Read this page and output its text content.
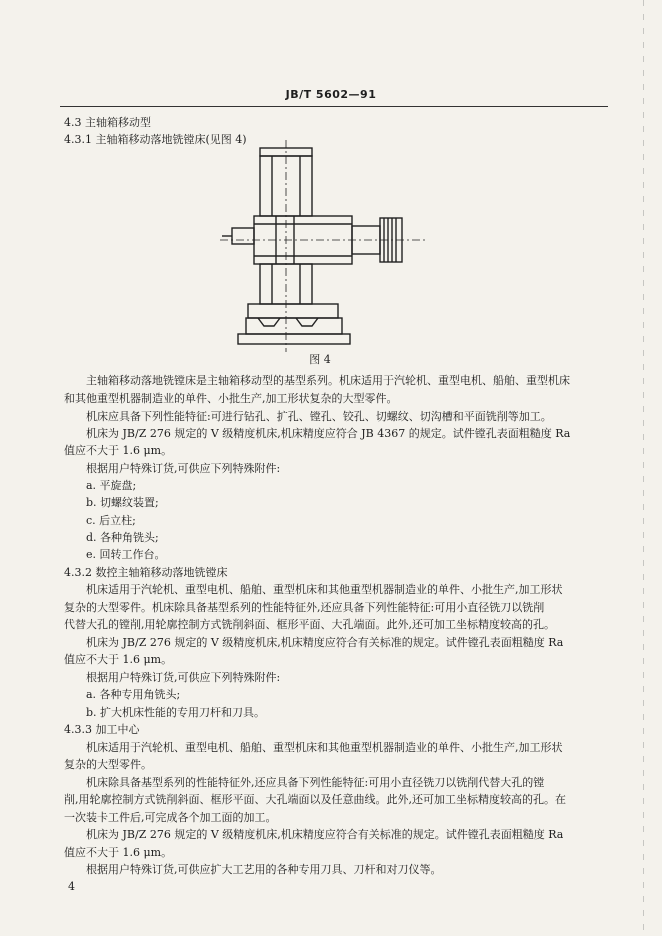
JB/T 5602—91
4.3 主轴箱移动型
4.3.1 主轴箱移动落地铣镗床(见图 4)
图 4
主轴箱移动落地铣镗床是主轴箱移动型的基型系列。机床适用于汽轮机、重型电机、船舶、重型机床
和其他重型机器制造业的单件、小批生产,加工形状复杂的大型零件。
机床应具备下列性能特征:可进行钻孔、扩孔、镗孔、铰孔、切螺纹、切沟槽和平面铣削等加工。
机床为 JB/Z 276 规定的 V 级精度机床,机床精度应符合 JB 4367 的规定。试件镗孔表面粗糙度 Ra
值应不大于 1.6 μm。
根据用户特殊订货,可供应下列特殊附件:
a. 平旋盘;
b. 切螺纹装置;
c. 后立柱;
d. 各种角铣头;
e. 回转工作台。
4.3.2 数控主轴箱移动落地铣镗床
机床适用于汽轮机、重型电机、船舶、重型机床和其他重型机器制造业的单件、小批生产,加工形状
复杂的大型零件。机床除具备基型系列的性能特征外,还应具备下列性能特征:可用小直径铣刀以铣削
代替大孔的镗削,用轮廓控制方式铣削斜面、框形平面、大孔端面。此外,还可加工坐标精度较高的孔。
机床为 JB/Z 276 规定的 V 级精度机床,机床精度应符合有关标准的规定。试件镗孔表面粗糙度 Ra
值应不大于 1.6 μm。
根据用户特殊订货,可供应下列特殊附件:
a. 各种专用角铣头;
b. 扩大机床性能的专用刀杆和刀具。
4.3.3 加工中心
机床适用于汽轮机、重型电机、船舶、重型机床和其他重型机器制造业的单件、小批生产,加工形状
复杂的大型零件。
机床除具备基型系列的性能特征外,还应具备下列性能特征:可用小直径铣刀以铣削代替大孔的镗
削,用轮廓控制方式铣削斜面、框形平面、大孔端面以及任意曲线。此外,还可加工坐标精度较高的孔。在
一次装卡工件后,可完成各个加工面的加工。
机床为 JB/Z 276 规定的 V 级精度机床,机床精度应符合有关标准的规定。试件镗孔表面粗糙度 Ra
值应不大于 1.6 μm。
根据用户特殊订货,可供应扩大工艺用的各种专用刀具、刀杆和对刀仪等。
4
